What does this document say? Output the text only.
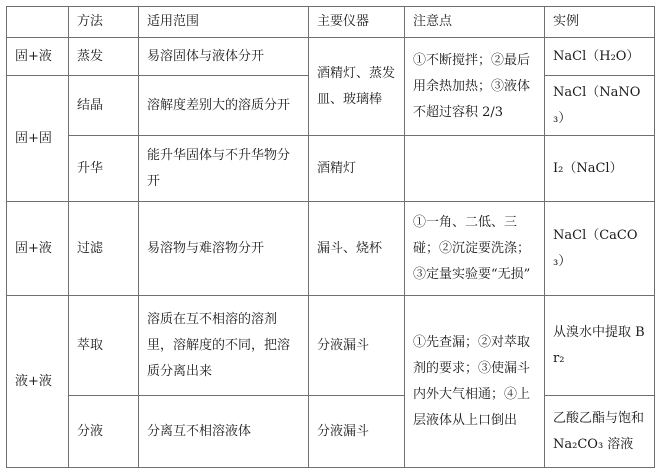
	方法	适用范围	主要仪器	注意点	实例
固+液	蒸发	易溶固体与液体分开	酒精灯、蒸发皿、玻璃棒	①不断搅拌；②最后用余热加热；③液体不超过容积 2/3	NaCl（H₂O）
固+固	结晶	溶解度差别大的溶质分开			NaCl（NaNO₃）
	升华	能升华固体与不升华物分开	酒精灯		I₂（NaCl）
固+液	过滤	易溶物与难溶物分开	漏斗、烧杯	①一角、二低、三碰；②沉淀要洗涤；③定量实验要“无损”	NaCl（CaCO₃）
液+液	萃取	溶质在互不相溶的溶剂里，溶解度的不同，把溶质分离出来	分液漏斗	①先查漏；②对萃取剂的要求；③使漏斗内外大气相通；④上层液体从上口倒出	从溴水中提取 Br₂
	分液	分离互不相溶液体	分液漏斗		乙酸乙酯与饱和 Na₂CO₃ 溶液
